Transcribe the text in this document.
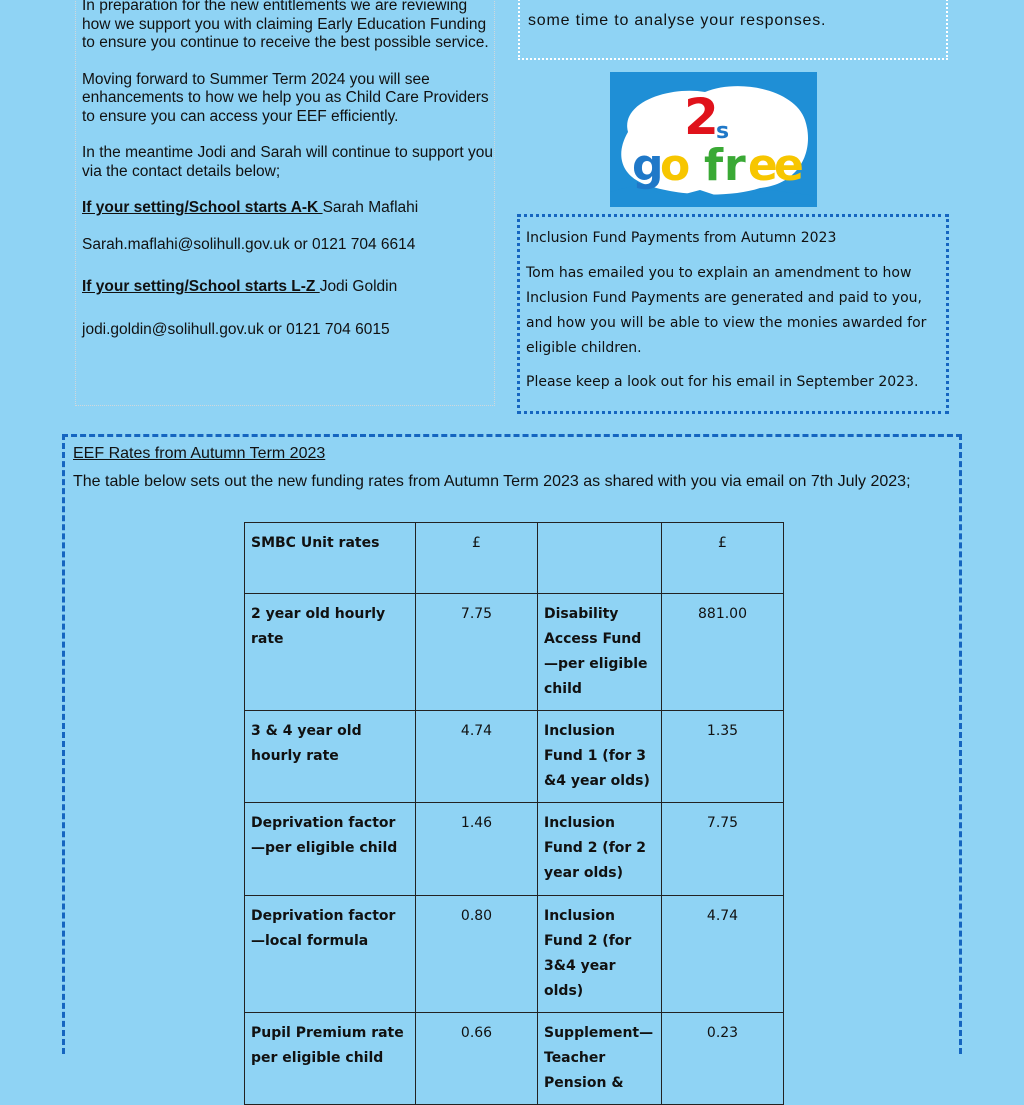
In preparation for the new entitlements we are reviewing how we support you with claiming Early Education Funding to ensure you continue to receive the best possible service.

Moving forward to Summer Term 2024 you will see enhancements to how we help you as Child Care Providers to ensure you can access your EEF efficiently.

In the meantime Jodi and Sarah will continue to support you via the contact details below;

If your setting/School starts A-K Sarah Maflahi

Sarah.maflahi@solihull.gov.uk or 0121 704 6614

If your setting/School starts L-Z Jodi Goldin

jodi.goldin@solihull.gov.uk or 0121 704 6015

some time to analyse your responses.
2
s
g
o f r e
e

Inclusion Fund Payments from Autumn 2023

Tom has emailed you to explain an amendment to how Inclusion Fund Payments are generated and paid to you, and how you will be able to view the monies awarded for eligible children.

Please keep a look out for his email in September 2023.

EEF Rates from Autumn Term 2023
The table below sets out the new funding rates from Autumn Term 2023 as shared with you via email on 7th July 2023;
SMBC Unit rates	£		£
2 year old hourly rate	7.75	Disability Access Fund—per eligible child	881.00
3 & 4 year old hourly rate	4.74	Inclusion Fund 1 (for 3 &4 year olds)	1.35
Deprivation factor—per eligible child	1.46	Inclusion Fund 2 (for 2 year olds)	7.75
Deprivation factor—local formula	0.80	Inclusion Fund 2 (for 3&4 year olds)	4.74
Pupil Premium rate per eligible child	0.66	Supplement—Teacher Pension &	0.23
